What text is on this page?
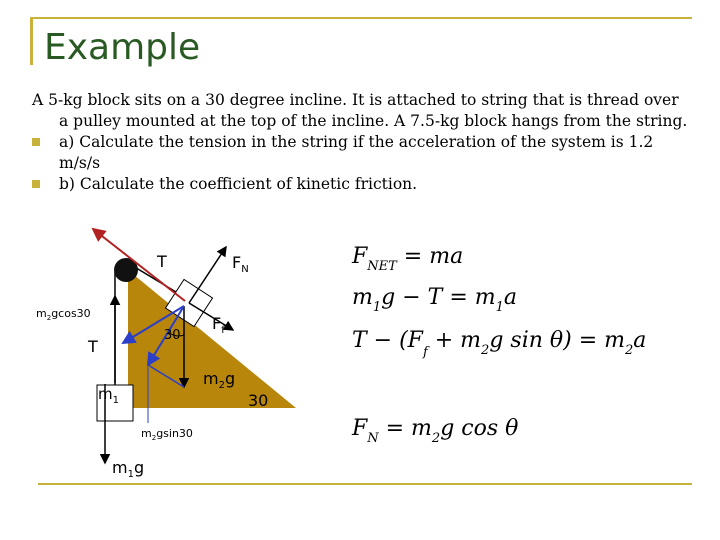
Example

A 5-kg block sits on a 30 degree incline. It is attached to string that is thread over a pulley mounted at the top of the incline. A 7.5-kg block hangs from the string.

a) Calculate the tension in the string if the acceleration of the system is 1.2 m/s/s

b) Calculate the coefficient of kinetic friction.

T	$F_N$
$m_2gcos30$
30
$F_f$
T
$m_2g$
30
$m_1$
$m_2gsin30$
$m_1g$
$F_{NET}$ = ma
$m_1g - T = m_1a$
$T - (F_f + m_2g$ $\sin \theta) = m_2a$
$F_N = m_2g$ cos θ
